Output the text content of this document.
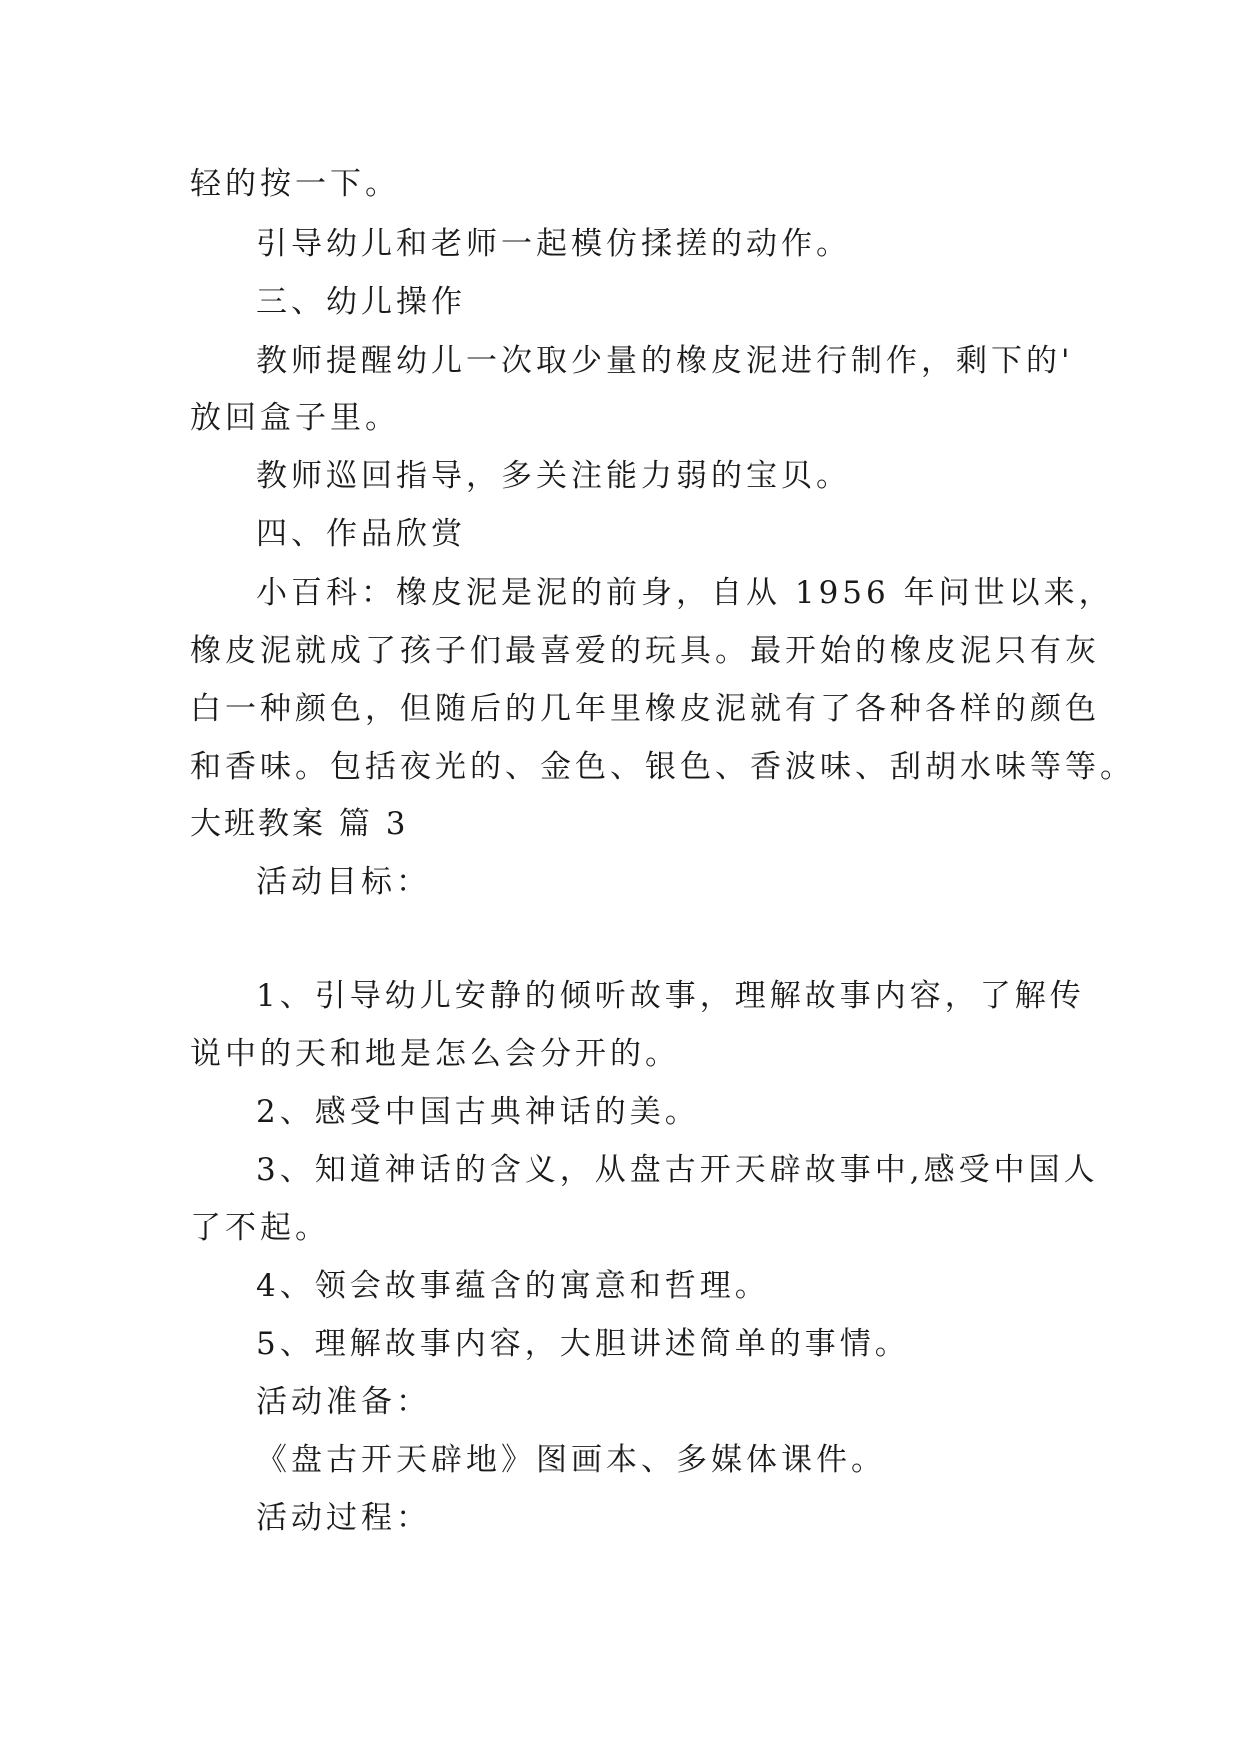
轻的按一下。
引导幼儿和老师一起模仿揉搓的动作。
三、幼儿操作
教师提醒幼儿一次取少量的橡皮泥进行制作，剩下的'
放回盒子里。
教师巡回指导，多关注能力弱的宝贝。
四、作品欣赏
小百科：橡皮泥是泥的前身，自从 1956 年问世以来，
橡皮泥就成了孩子们最喜爱的玩具。最开始的橡皮泥只有灰
白一种颜色，但随后的几年里橡皮泥就有了各种各样的颜色
和香味。包括夜光的、金色、银色、香波味、刮胡水味等等。
大班教案 篇 3
活动目标：
1、引导幼儿安静的倾听故事，理解故事内容，了解传
说中的天和地是怎么会分开的。
2、感受中国古典神话的美。
3、知道神话的含义，从盘古开天辟故事中,感受中国人
了不起。
4、领会故事蕴含的寓意和哲理。
5、理解故事内容，大胆讲述简单的事情。
活动准备：
《盘古开天辟地》图画本、多媒体课件。
活动过程：
